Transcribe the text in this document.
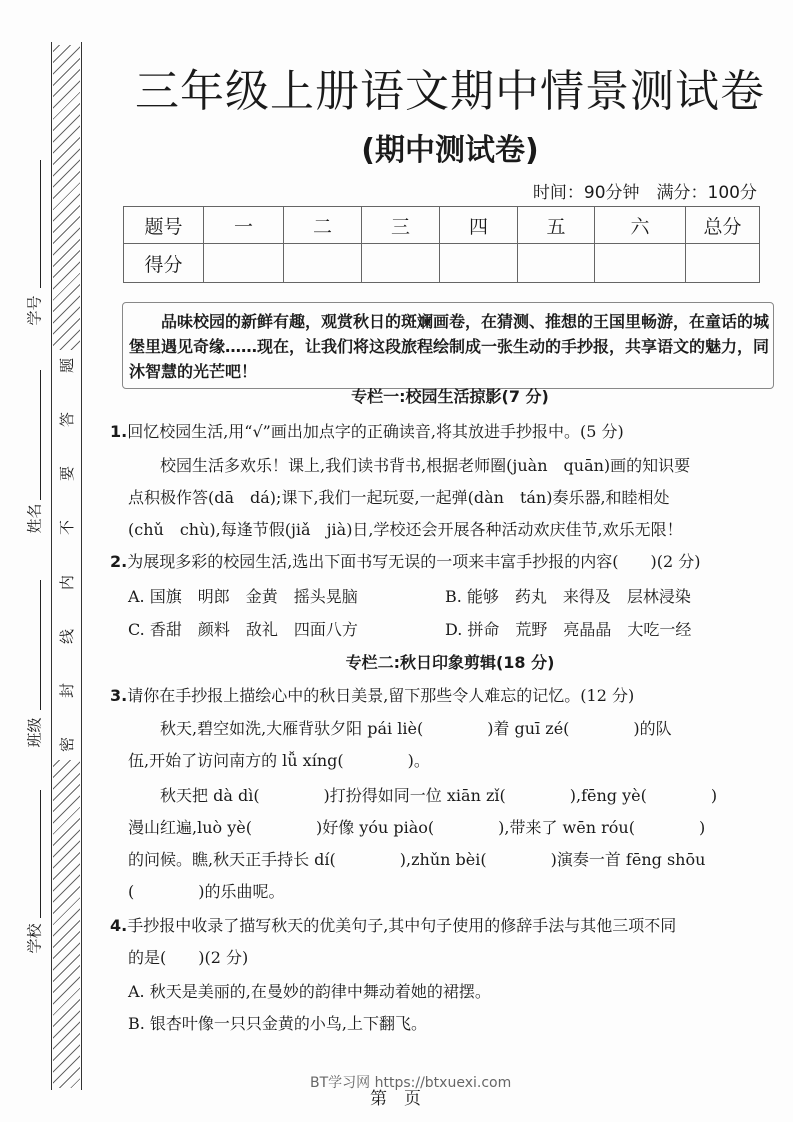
题
答
要
不
内
线
封
密
学号
姓名
班级
学校
三年级上册语文期中情景测试卷
(期中测试卷)
时间：90分钟　满分：100分
题号	一	二	三	四	五	六	总分
得分							

品味校园的新鲜有趣，观赏秋日的斑斓画卷，在猜测、推想的王国里畅游，在童话的城堡里遇见奇缘……现在，让我们将这段旅程绘制成一张生动的手抄报，共享语文的魅力，同沐智慧的光芒吧！

专栏一:校园生活掠影(7 分)
1.回忆校园生活,用“√”画出加点字的正确读音,将其放进手抄报中。(5 分)
校园生活多欢乐！课上,我们读书背书,根据老师圈(juàn　quān)画的知识要
点积极作答(dā　dá);课下,我们一起玩耍,一起弹(dàn　tán)奏乐器,和睦相处
(chǔ　chù),每逢节假(jiǎ　jià)日,学校还会开展各种活动欢庆佳节,欢乐无限！
2.为展现多彩的校园生活,选出下面书写无误的一项来丰富手抄报的内容(　　)(2 分)
A. 国旗　明郎　金黄　摇头晃脑	B. 能够　药丸　来得及　层林浸染
C. 香甜　颜料　敌礼　四面八方	D. 拼命　荒野　亮晶晶　大吃一经
专栏二:秋日印象剪辑(18 分)
3.请你在手抄报上描绘心中的秋日美景,留下那些令人难忘的记忆。(12 分)
秋天,碧空如洗,大雁背驮夕阳 pái liè(　　　　)着 guī zé(　　　　)的队
伍,开始了访问南方的 lǚ xíng(　　　　)。
秋天把 dà dì(　　　　)打扮得如同一位 xiān zǐ(　　　　),fēng yè(　　　　)
漫山红遍,luò yè(　　　　)好像 yóu piào(　　　　),带来了 wēn róu(　　　　)
的问候。瞧,秋天正手持长 dí(　　　　),zhǔn bèi(　　　　)演奏一首 fēng shōu
(　　　　)的乐曲呢。
4.手抄报中收录了描写秋天的优美句子,其中句子使用的修辞手法与其他三项不同
的是(　　)(2 分)
A. 秋天是美丽的,在曼妙的韵律中舞动着她的裙摆。
B. 银杏叶像一只只金黄的小鸟,上下翻飞。
BT学习网 https://btxuexi.com
第　页
